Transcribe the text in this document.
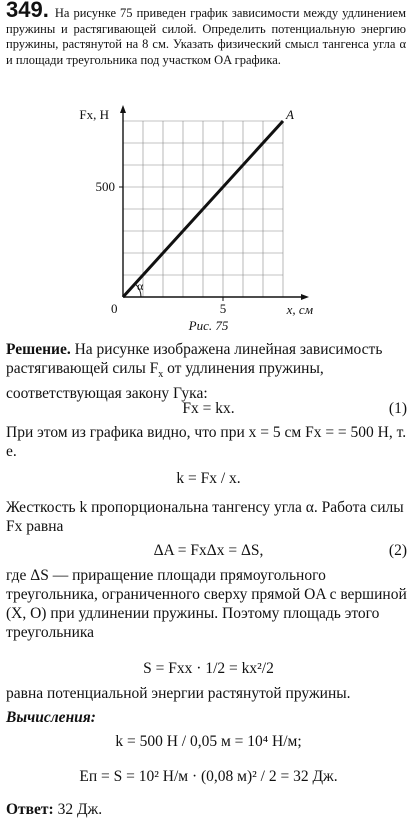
349. На рисунке 75 приведен график зависимости между удлинением пружины и растягивающей силой. Определить потенциальную энергию пружины, растянутой на 8 см. Указать физический смысл тангенса угла α и площади треугольника под участком OA графика.
500
0	5
Fx, Н
x, см
A
α
Рис. 75
Решение. На рисунке изображена линейная зависимость растягивающей силы $F_x$ от удлинения пружины, соответствующая закону Гука:
Fx = kx.	(1)
При этом из графика видно, что при x = 5 см Fx = = 500 Н, т. е.
k = Fx / x.
Жесткость k пропорциональна тангенсу угла α. Работа силы Fx равна
ΔA = FxΔx = ΔS,	(2)
где ΔS — приращение площади прямоугольного треугольника, ограниченного сверху прямой OA с вершиной (X, O) при удлинении пружины. Поэтому площадь этого треугольника
S = Fxx · 1/2 = kx²/2
равна потенциальной энергии растянутой пружины.
Вычисления:
k = 500 Н / 0,05 м = 10⁴ Н/м;
Eп = S = 10² Н/м · (0,08 м)² / 2 = 32 Дж.
Ответ: 32 Дж.
